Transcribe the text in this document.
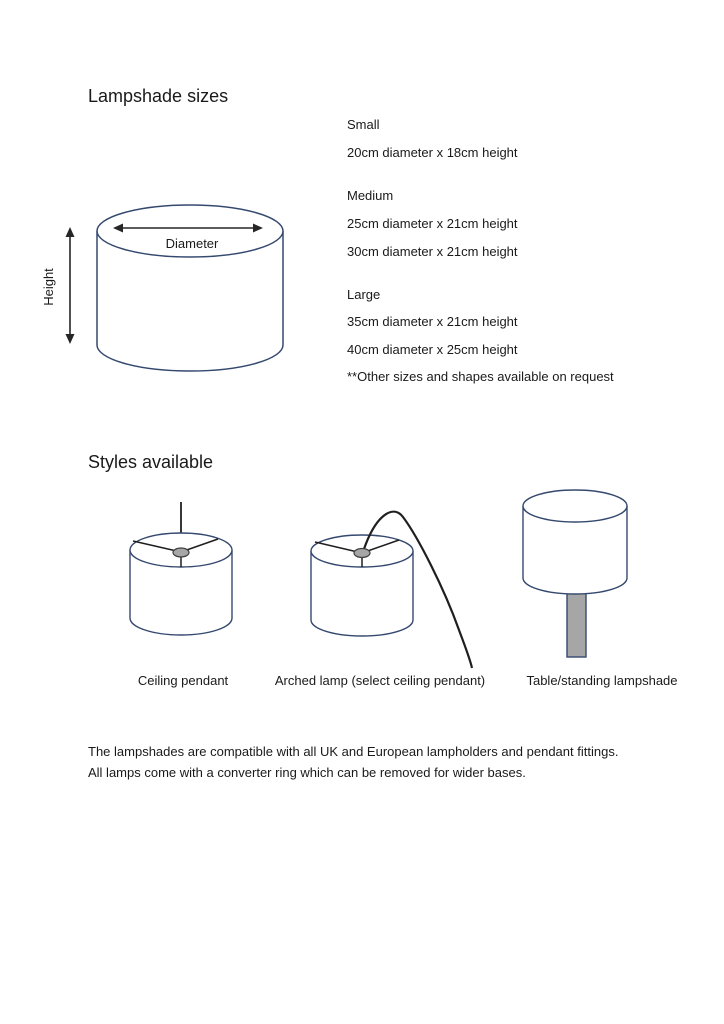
Lampshade sizes
Small
20cm diameter x 18cm height
Medium
25cm diameter x 21cm height
30cm diameter x 21cm height
Large
35cm diameter x 21cm height
40cm diameter x 25cm height
**Other sizes and shapes available on request
Styles available
Diameter
Height
Ceiling pendant	Arched lamp (select ceiling pendant)	Table/standing lampshade
The lampshades are compatible with all UK and European lampholders and pendant fittings.
All lamps come with a converter ring which can be removed for wider bases.
